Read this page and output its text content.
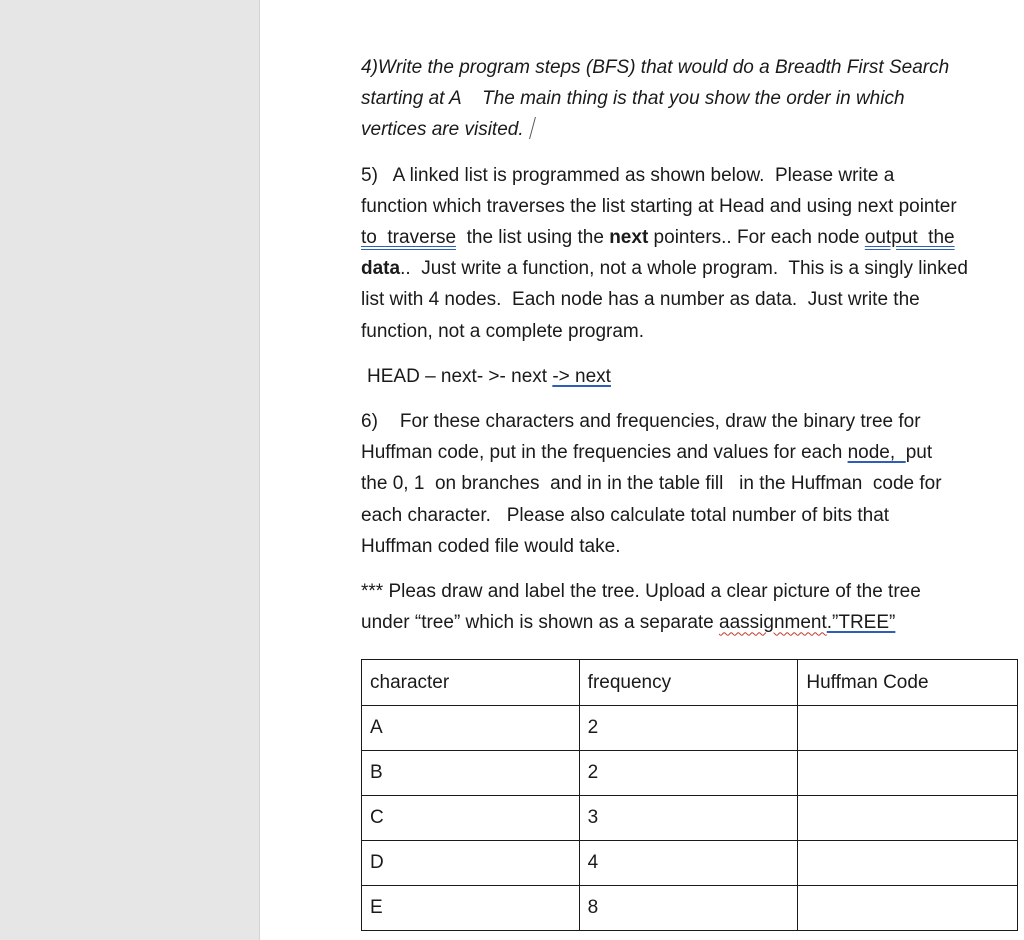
4)Write the program steps (BFS) that would do a Breadth First Search
starting at A    The main thing is that you show the order in which
vertices are visited.

5)   A linked list is programmed as shown below.  Please write a
function which traverses the list starting at Head and using next pointer
to  traverse  the list using the next pointers.. For each node output  the
data..  Just write a function, not a whole program.  This is a singly linked
list with 4 nodes.  Each node has a number as data.  Just write the
function, not a complete program.

HEAD – next- >- next -> next

6) For these characters and frequencies, draw the binary tree for
Huffman code, put in the frequencies and values for each node,  put
the 0, 1  on branches  and in in the table fill   in the Huffman  code for
each character.   Please also calculate total number of bits that
Huffman coded file would take.

*** Pleas draw and label the tree. Upload a clear picture of the tree
under “tree” which is shown as a separate aassignment.”TREE”

character	frequency	Huffman Code
A	2	
B	2	
C	3	
D	4	
E	8	
